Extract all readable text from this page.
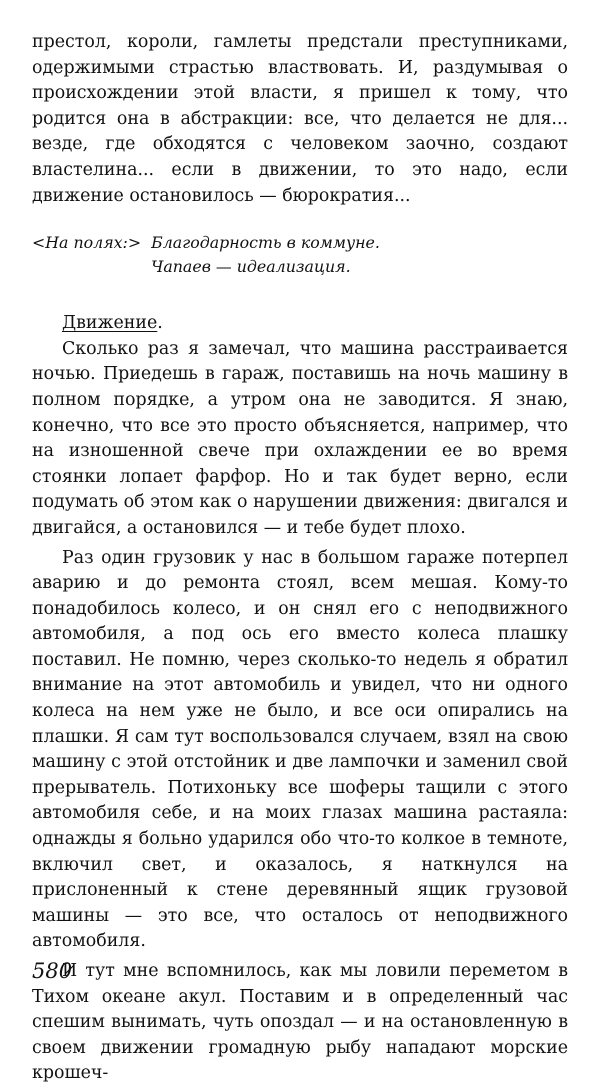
престол, короли, гамлеты предстали преступниками, одержимыми страстью властвовать. И, раздумывая о происхождении этой власти, я пришел к тому, что родится она в абстракции: все, что делается не для... везде, где обходятся с человеком заочно, создают властелина... если в движении, то это надо, если движение остановилось — бюрократия...

<На полях:> Благодарность в коммуне.
Чапаев — идеализация.
Движение.

Сколько раз я замечал, что машина расстраивается ночью. Приедешь в гараж, поставишь на ночь машину в полном порядке, а утром она не заводится. Я знаю, конечно, что все это просто объясняется, например, что на изношенной свече при охлаждении ее во время стоянки лопает фарфор. Но и так будет верно, если подумать об этом как о нарушении движения: двигался и двигайся, а остановился — и тебе будет плохо.

Раз один грузовик у нас в большом гараже потерпел аварию и до ремонта стоял, всем мешая. Кому-то понадобилось колесо, и он снял его с неподвижного автомобиля, а под ось его вместо колеса плашку поставил. Не помню, через сколько-то недель я обратил внимание на этот автомобиль и увидел, что ни одного колеса на нем уже не было, и все оси опирались на плашки. Я сам тут воспользовался случаем, взял на свою машину с этой отстойник и две лампочки и заменил свой прерыватель. Потихоньку все шоферы тащили с этого автомобиля себе, и на моих глазах машина растаяла: однажды я больно ударился обо что-то колкое в темноте, включил свет, и оказалось, я наткнулся на прислоненный к стене деревянный ящик грузовой машины — это все, что осталось от неподвижного автомобиля.

И тут мне вспомнилось, как мы ловили переметом в Тихом океане акул. Поставим и в определенный час спешим вынимать, чуть опоздал — и на остановленную в своем движении громадную рыбу нападают морские крошеч-

580
